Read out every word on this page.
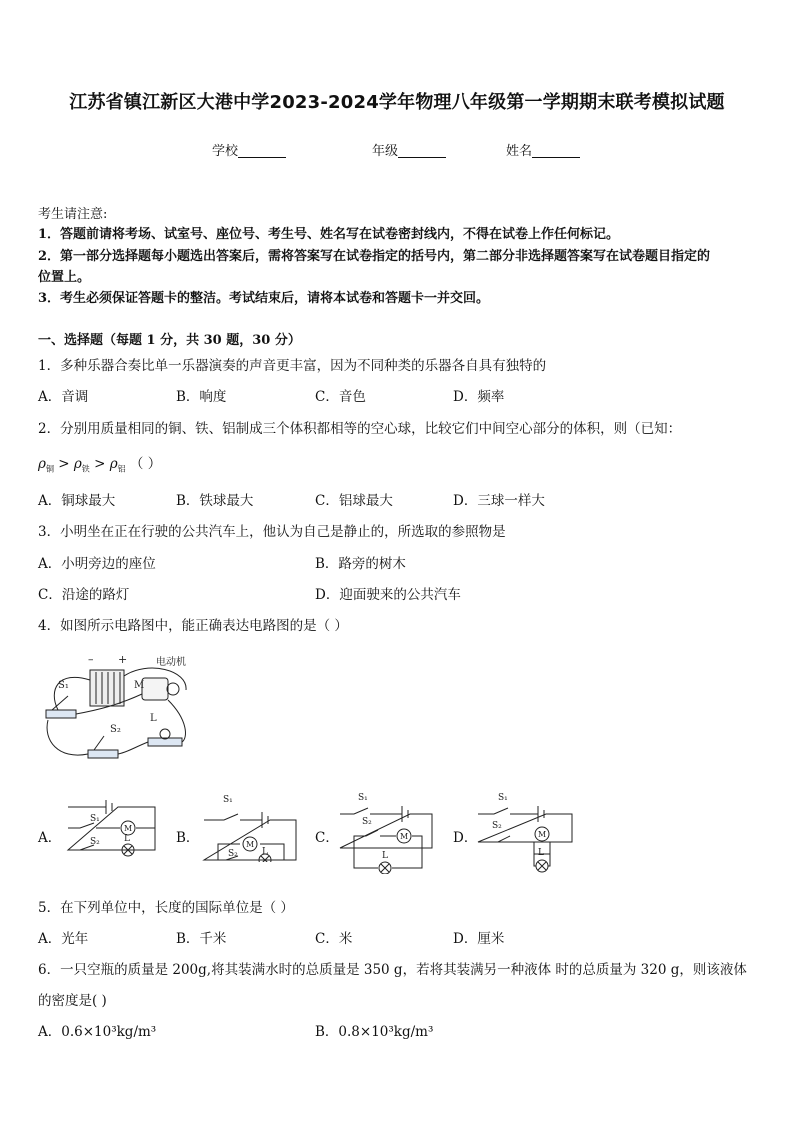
江苏省镇江新区大港中学2023-2024学年物理八年级第一学期期末联考模拟试题
学校	年级	姓名
考生请注意:
1．答题前请将考场、试室号、座位号、考生号、姓名写在试卷密封线内，不得在试卷上作任何标记。
2．第一部分选择题每小题选出答案后，需将答案写在试卷指定的括号内，第二部分非选择题答案写在试卷题目指定的
位置上。
3．考生必须保证答题卡的整洁。考试结束后，请将本试卷和答题卡一并交回。
一、选择题（每题 1 分，共 30 题，30 分）
1．多种乐器合奏比单一乐器演奏的声音更丰富，因为不同种类的乐器各自具有独特的
A．音调	B．响度	C．音色	D．频率
2．分别用质量相同的铜、铁、铝制成三个体积都相等的空心球，比较它们中间空心部分的体积，则（已知：
$\rho_铜 > \rho_铁 > \rho_铝$ （ ）
A．铜球最大	B．铁球最大	C．铝球最大	D．三球一样大
3．小明坐在正在行驶的公共汽车上，他认为自己是静止的，所选取的参照物是
A．小明旁边的座位	B．路旁的树木
C．沿途的路灯	D．迎面驶来的公共汽车
4．如图所示电路图中，能正确表达电路图的是（ ）
– +	电动机
M
L
S₁
S₂
A．
M
S₁
S₂	L	B．
S₁
M
S₂	L
C．
S₁
S₂
M
L
D．
S₁
S₂
M
L
5．在下列单位中，长度的国际单位是（ ）
A．光年	B．千米	C．米	D．厘米
6．一只空瓶的质量是 200g,将其装满水时的总质量是 350 g，若将其装满另一种液体 时的总质量为 320 g，则该液体
的密度是( )
A．0.6×10³kg/m³	B．0.8×10³kg/m³
